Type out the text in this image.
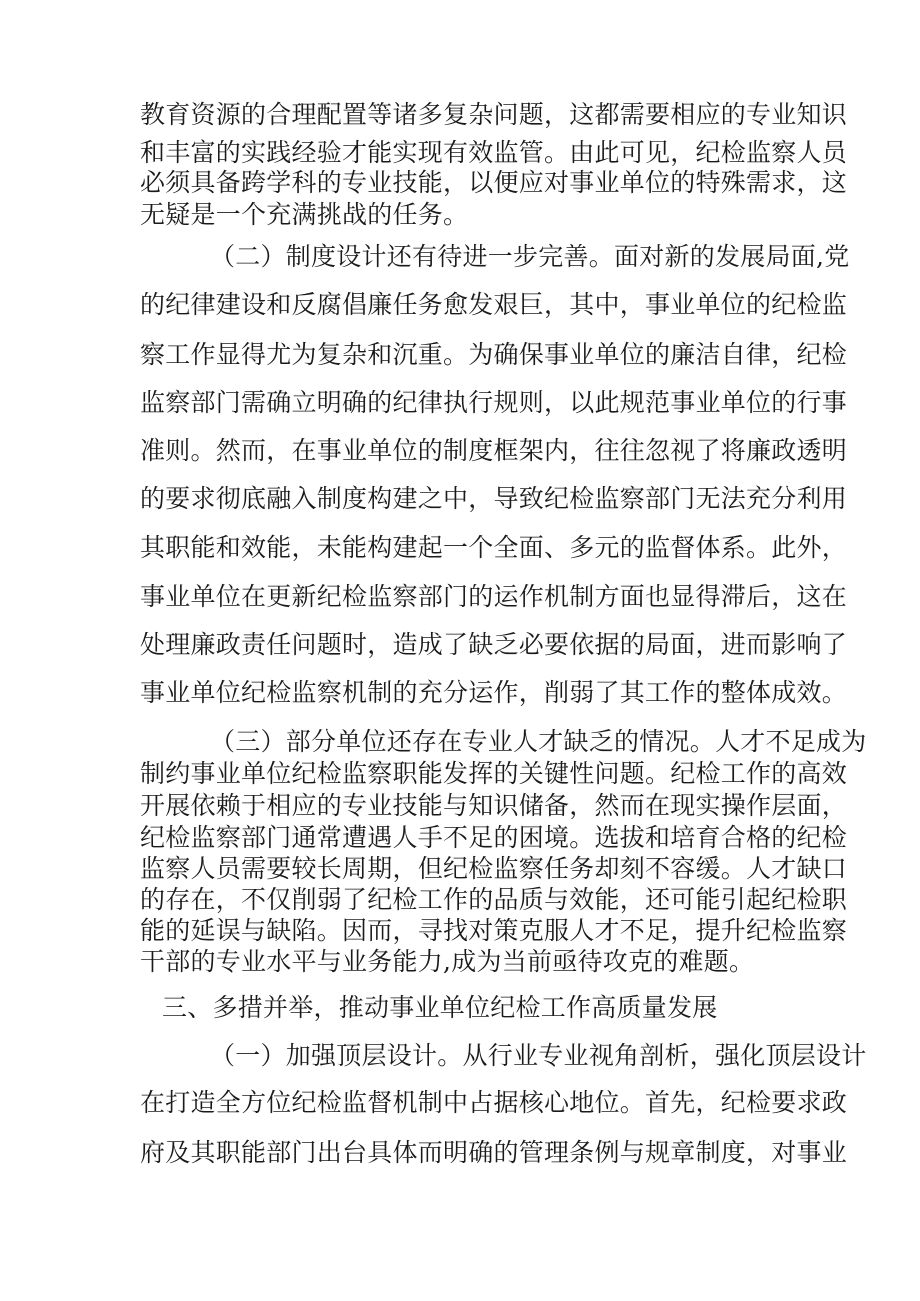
教育资源的合理配置等诸多复杂问题，这都需要相应的专业知识
和丰富的实践经验才能实现有效监管。由此可见，纪检监察人员
必须具备跨学科的专业技能，以便应对事业单位的特殊需求，这
无疑是一个充满挑战的任务。
（二）制度设计还有待进一步完善。面对新的发展局面,党
的纪律建设和反腐倡廉任务愈发艰巨，其中，事业单位的纪检监
察工作显得尤为复杂和沉重。为确保事业单位的廉洁自律，纪检
监察部门需确立明确的纪律执行规则，以此规范事业单位的行事
准则。然而，在事业单位的制度框架内，往往忽视了将廉政透明
的要求彻底融入制度构建之中，导致纪检监察部门无法充分利用
其职能和效能，未能构建起一个全面、多元的监督体系。此外，
事业单位在更新纪检监察部门的运作机制方面也显得滞后，这在
处理廉政责任问题时，造成了缺乏必要依据的局面，进而影响了
事业单位纪检监察机制的充分运作，削弱了其工作的整体成效。
（三）部分单位还存在专业人才缺乏的情况。人才不足成为
制约事业单位纪检监察职能发挥的关键性问题。纪检工作的高效
开展依赖于相应的专业技能与知识储备，然而在现实操作层面，
纪检监察部门通常遭遇人手不足的困境。选拔和培育合格的纪检
监察人员需要较长周期，但纪检监察任务却刻不容缓。人才缺口
的存在，不仅削弱了纪检工作的品质与效能，还可能引起纪检职
能的延误与缺陷。因而，寻找对策克服人才不足，提升纪检监察
干部的专业水平与业务能力,成为当前亟待攻克的难题。
三、多措并举，推动事业单位纪检工作高质量发展
（一）加强顶层设计。从行业专业视角剖析，强化顶层设计
在打造全方位纪检监督机制中占据核心地位。首先，纪检要求政
府及其职能部门出台具体而明确的管理条例与规章制度，对事业
